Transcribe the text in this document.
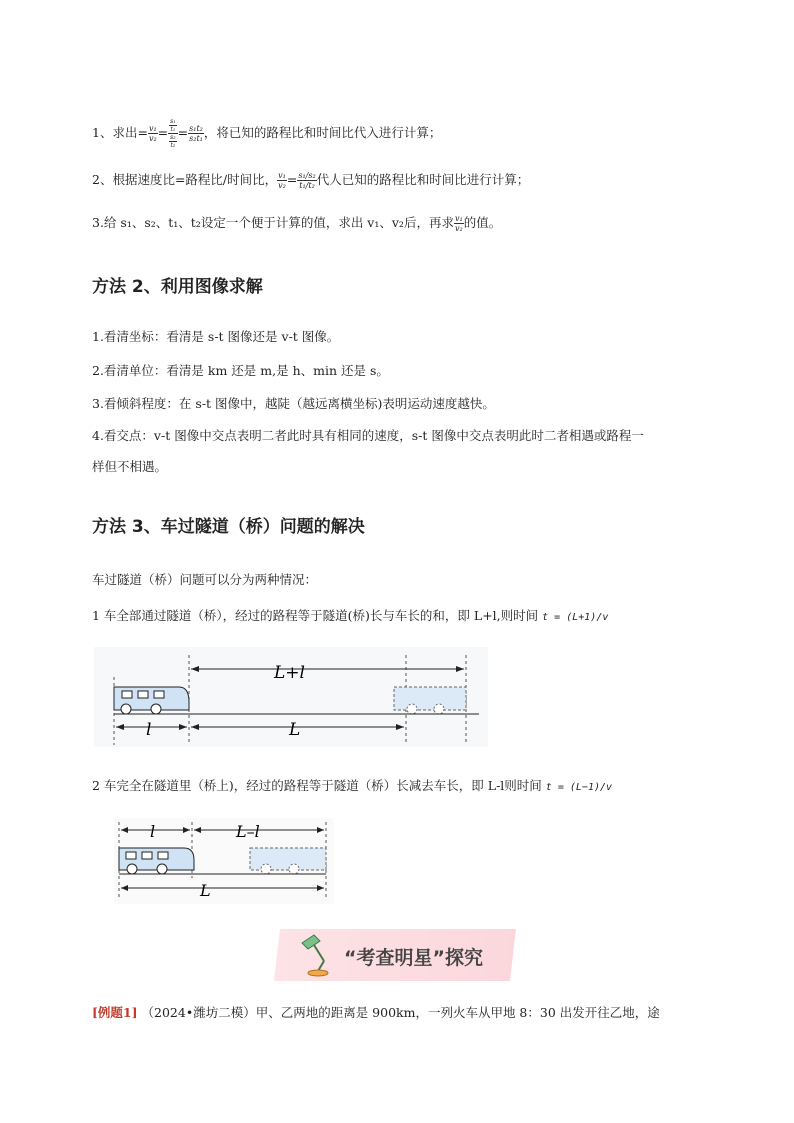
1、求出= $\frac{\text{v₁}}{\text{v₂}} = \frac{\frac{\text{s₁}}{\text{t₁}}}{\frac{\text{s₂}}{\text{t₂}}} = \frac{\text{s₁t₂}}{\text{s₂t₁}}$ ，将已知的路程比和时间比代入进行计算；
2、根据速度比=路程比/时间比， $\frac{\text{v₁}}{\text{v₂}} = \frac{\text{s₁/s₂}}{\text{t₁/t₂}}$ 代人已知的路程比和时间比进行计算；
3.给 s₁、s₂、t₁、t₂设定一个便于计算的值，求出 v₁、v₂后，再求 $\frac{\text{v₁}}{\text{v₂}}$ 的值。
方法 2、利用图像求解
1.看清坐标：看清是 s-t 图像还是 v-t 图像。
2.看清单位：看清是 km 还是 m,是 h、min 还是 s。
3.看倾斜程度：在 s-t 图像中，越陡（越远离横坐标)表明运动速度越快。
4.看交点：v-t 图像中交点表明二者此时具有相同的速度，s-t 图像中交点表明此时二者相遇或路程一
样但不相遇。
方法 3、车过隧道（桥）问题的解决
车过隧道（桥）问题可以分为两种情况：
1 车全部通过隧道（桥），经过的路程等于隧道(桥)长与车长的和，即 L+l,则时间 t = (L+1)/v
L+l
l	L
2 车完全在隧道里（桥上)，经过的路程等于隧道（桥）长减去车长，即 L-l则时间 t = (L−1)/v
l	L–l
L
“考查明星”探究
[例题1] （2024•潍坊二模）甲、乙两地的距离是 900km，一列火车从甲地 8：30 出发开往乙地，途
